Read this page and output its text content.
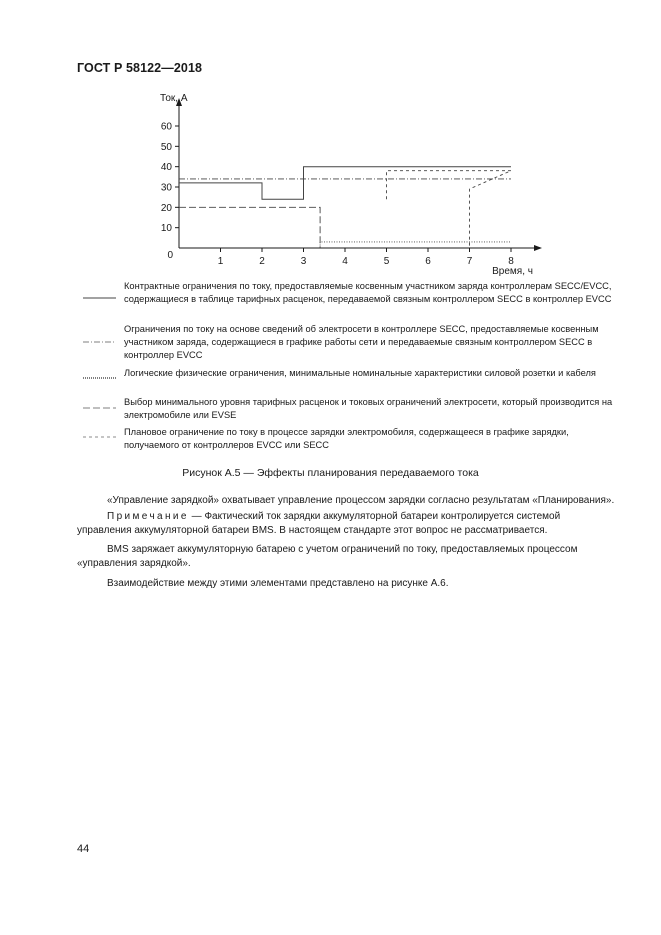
ГОСТ Р 58122—2018
10
20
30
40
50
60
1	2	3	4	5	6	7	8
0
Ток, А
Время, ч
Контрактные ограничения по току, предоставляемые косвенным участником заряда контроллерам SECC/EVCC, содержащиеся в таблице тарифных расценок, передаваемой связным контроллером SECC в контроллер EVCC
Ограничения по току на основе сведений об электросети в контроллере SECC, предоставляемые косвенным участником заряда, содержащиеся в графике работы сети и передаваемые связным контроллером SECC в контроллер EVCC
Логические физические ограничения, минимальные номинальные характеристики силовой розетки и кабеля
Выбор минимального уровня тарифных расценок и токовых ограничений электросети, который производится на электромобиле или EVSE
Плановое ограничение по току в процессе зарядки электромобиля, содержащееся в графике зарядки, получаемого от контроллеров EVCC или SECC
Рисунок А.5 — Эффекты планирования передаваемого тока
«Управление зарядкой» охватывает управление процессом зарядки согласно результатам «Планирования».
Примечание — Фактический ток зарядки аккумуляторной батареи контролируется системой управления аккумуляторной батареи BMS. В настоящем стандарте этот вопрос не рассматривается.
BMS заряжает аккумуляторную батарею с учетом ограничений по току, предоставляемых процессом «управления зарядкой».
Взаимодействие между этими элементами представлено на рисунке А.6.
44
